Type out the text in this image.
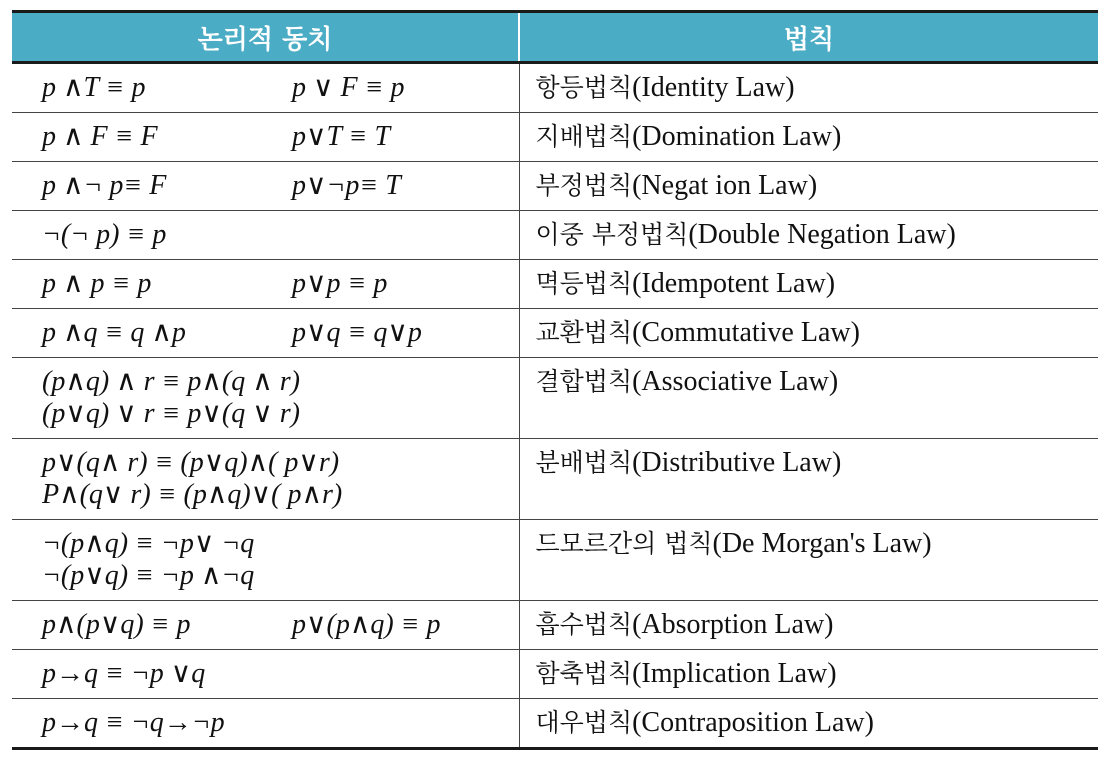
논리적 동치	법칙
p ∧T ≡ p p ∨ F ≡ p	항등법칙(Identity Law)
p ∧ F ≡ F p∨T ≡ T	지배법칙(Domination Law)
p ∧¬ p≡ F p∨¬p≡ T	부정법칙(Negat ion Law)
¬(¬ p) ≡ p	이중 부정법칙(Double Negation Law)
p ∧ p ≡ p p∨p ≡ p	멱등법칙(Idempotent Law)
p ∧q ≡ q ∧p p∨q ≡ q∨p	교환법칙(Commutative Law)

(p∧q) ∧ r ≡ p∧(q ∧ r)
(p∨q) ∨ r ≡ p∨(q ∨ r)	결합법칙(Associative Law)

p∨(q∧ r) ≡ (p∨q)∧( p∨r)
P∧(q∨ r) ≡ (p∧q)∨( p∧r)	분배법칙(Distributive Law)

¬(p∧q) ≡ ¬p∨ ¬q
¬(p∨q) ≡ ¬p ∧¬q	드모르간의 법칙(De Morgan's Law)
p∧(p∨q) ≡ p p∨(p∧q) ≡ p	흡수법칙(Absorption Law)
p→q ≡ ¬p ∨q	함축법칙(Implication Law)
p→q ≡ ¬q→¬p	대우법칙(Contraposition Law)
